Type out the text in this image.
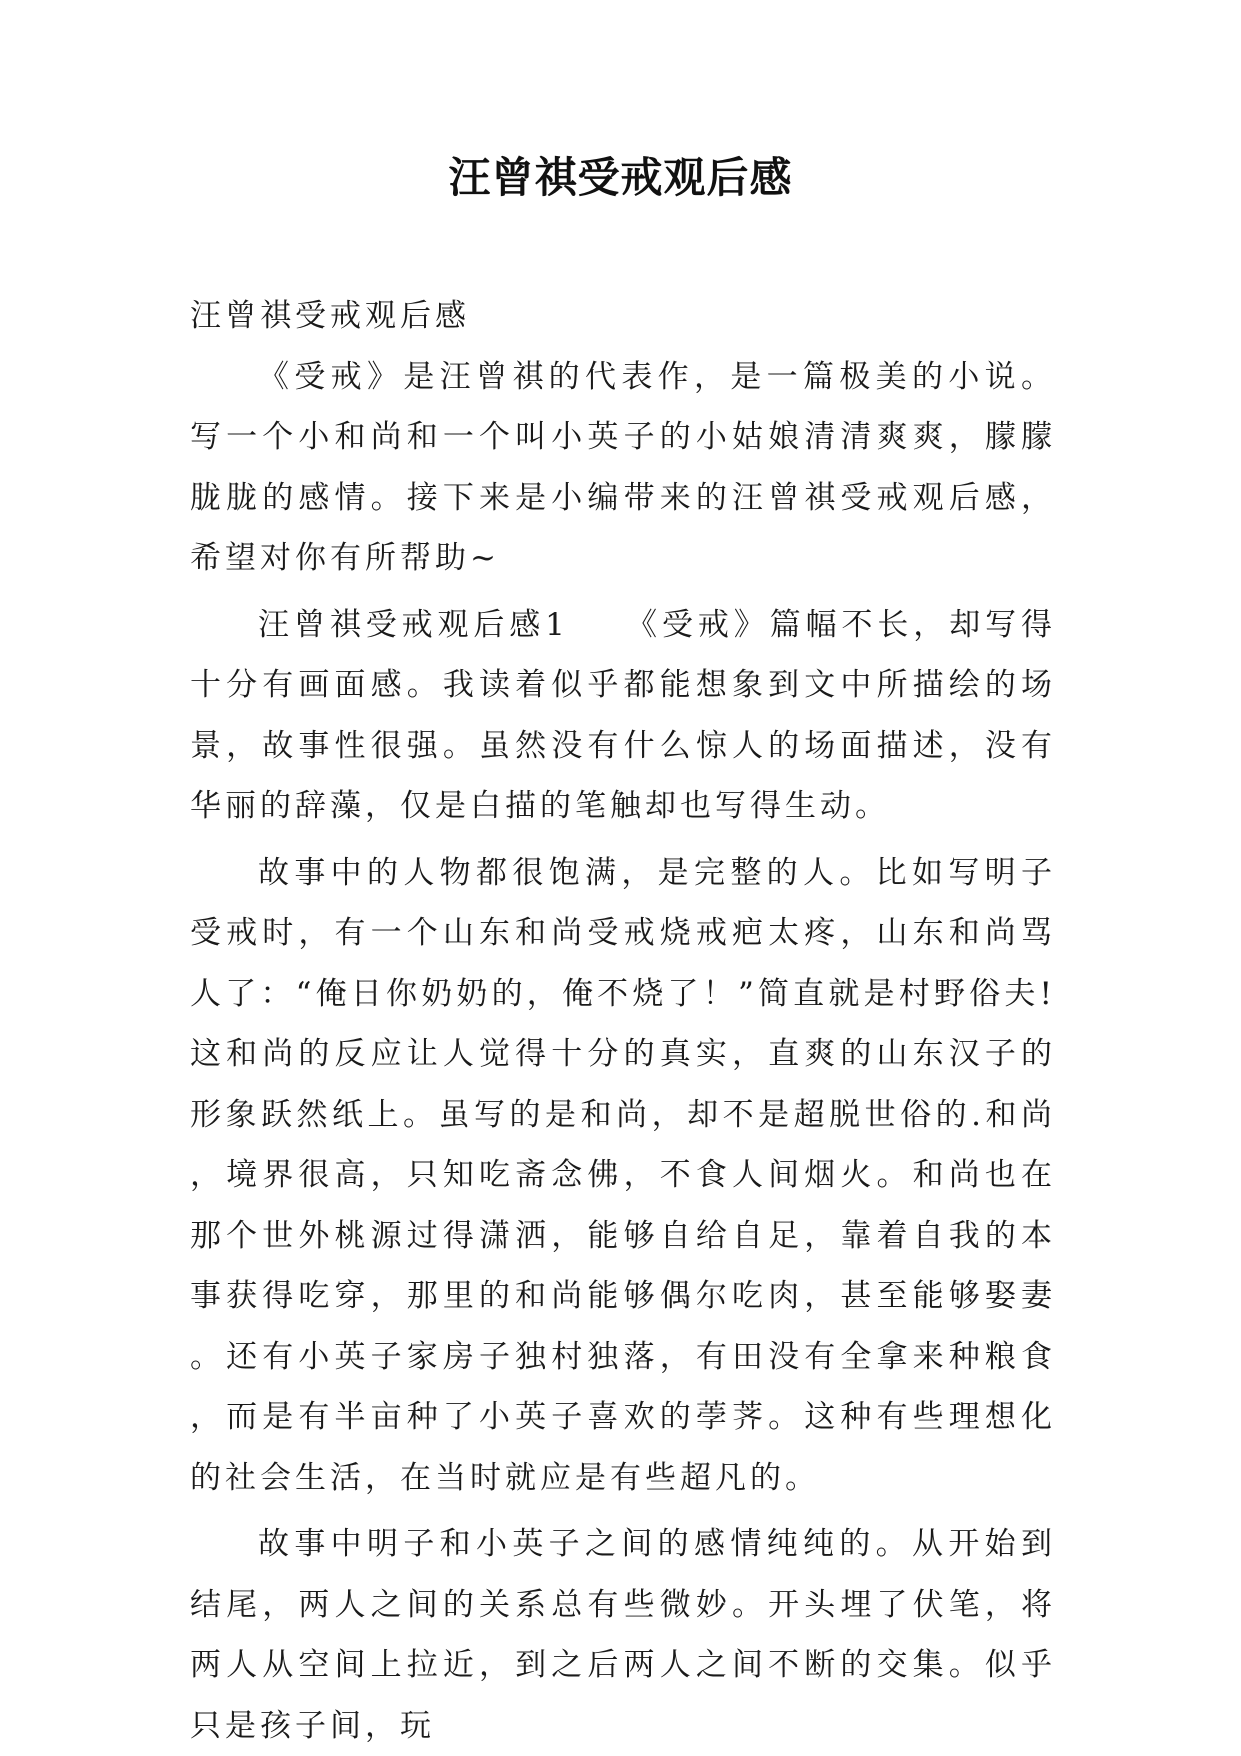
汪曾祺受戒观后感

汪曾祺受戒观后感

《受戒》是汪曾祺的代表作，是一篇极美的小说。写一个小和尚和一个叫小英子的小姑娘清清爽爽，朦朦胧胧的感情。接下来是小编带来的汪曾祺受戒观后感，希望对你有所帮助~

汪曾祺受戒观后感1　　《受戒》篇幅不长，却写得十分有画面感。我读着似乎都能想象到文中所描绘的场景，故事性很强。虽然没有什么惊人的场面描述，没有华丽的辞藻，仅是白描的笔触却也写得生动。

故事中的人物都很饱满，是完整的人。比如写明子受戒时，有一个山东和尚受戒烧戒疤太疼，山东和尚骂人了：“俺日你奶奶的，俺不烧了！”简直就是村野俗夫!这和尚的反应让人觉得十分的真实，直爽的山东汉子的形象跃然纸上。虽写的是和尚，却不是超脱世俗的.和尚，境界很高，只知吃斋念佛，不食人间烟火。和尚也在那个世外桃源过得潇洒，能够自给自足，靠着自我的本事获得吃穿，那里的和尚能够偶尔吃肉，甚至能够娶妻。还有小英子家房子独村独落，有田没有全拿来种粮食，而是有半亩种了小英子喜欢的荸荠。这种有些理想化的社会生活，在当时就应是有些超凡的。

故事中明子和小英子之间的感情纯纯的。从开始到结尾，两人之间的关系总有些微妙。开头埋了伏笔，将两人从空间上拉近，到之后两人之间不断的交集。似乎只是孩子间，玩
